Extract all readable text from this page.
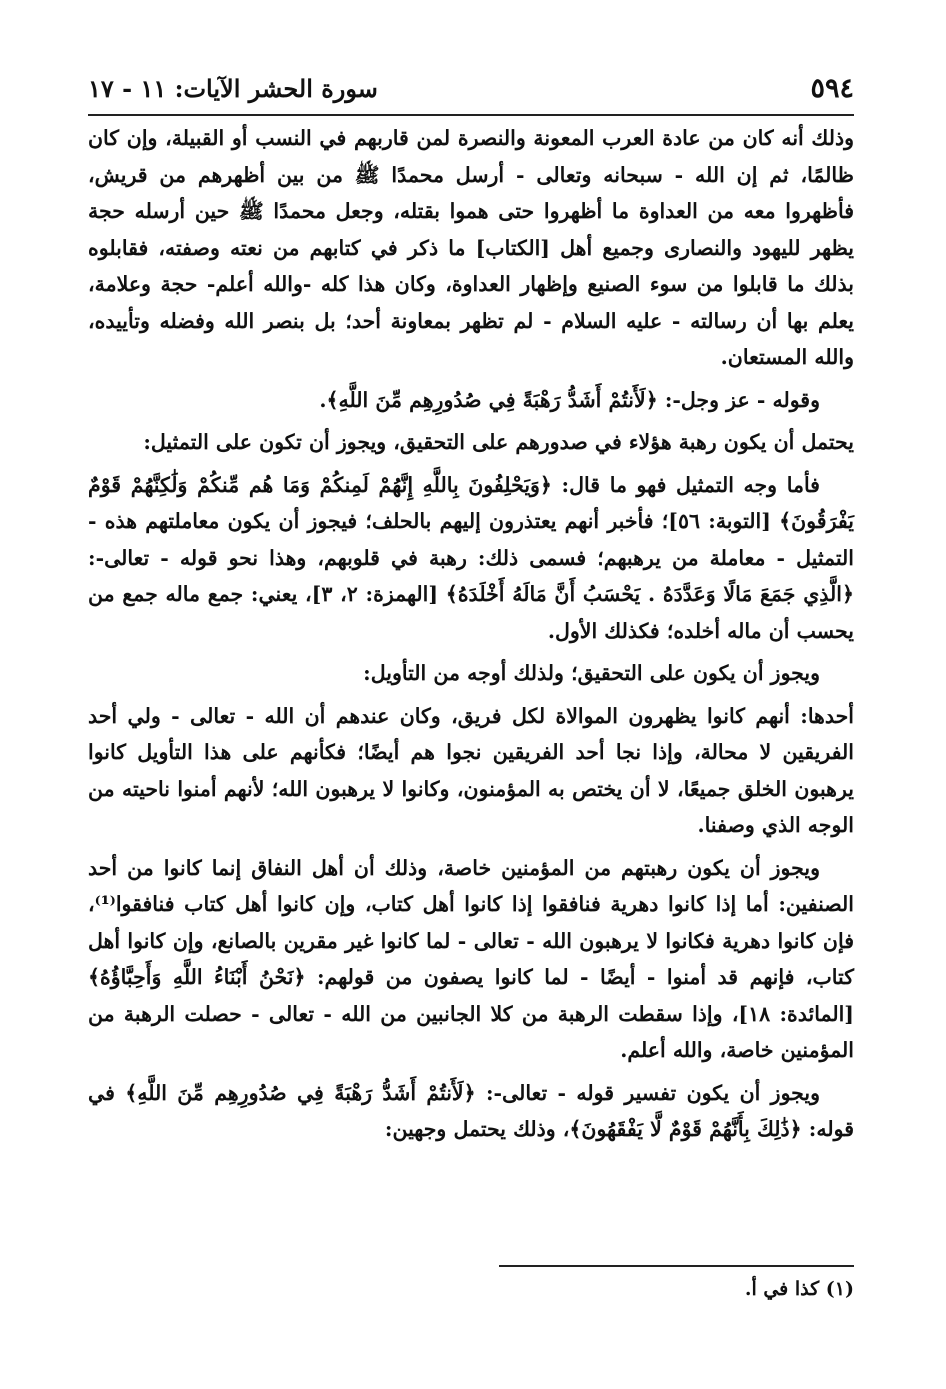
٥٩٤
سورة الحشر الآيات: ١١ - ١٧

وذلك أنه كان من عادة العرب المعونة والنصرة لمن قاربهم في النسب أو القبيلة، وإن كان ظالمًا، ثم إن الله - سبحانه وتعالى - أرسل محمدًا ﷺ من بين أظهرهم من قريش، فأظهروا معه من العداوة ما أظهروا حتى هموا بقتله، وجعل محمدًا ﷺ حين أرسله حجة يظهر لليهود والنصارى وجميع أهل [الكتاب] ما ذكر في كتابهم من نعته وصفته، فقابلوه بذلك ما قابلوا من سوء الصنيع وإظهار العداوة، وكان هذا كله -والله أعلم- حجة وعلامة، يعلم بها أن رسالته - عليه السلام - لم تظهر بمعاونة أحد؛ بل بنصر الله وفضله وتأييده، والله المستعان.

وقوله - عز وجل-: ﴿لَأَنتُمْ أَشَدُّ رَهْبَةً فِي صُدُورِهِم مِّنَ اللَّهِ﴾.

يحتمل أن يكون رهبة هؤلاء في صدورهم على التحقيق، ويجوز أن تكون على التمثيل:

فأما وجه التمثيل فهو ما قال: ﴿وَيَحْلِفُونَ بِاللَّهِ إِنَّهُمْ لَمِنكُمْ وَمَا هُم مِّنكُمْ وَلَٰكِنَّهُمْ قَوْمٌ يَفْرَقُونَ﴾ [التوبة: ٥٦]؛ فأخبر أنهم يعتذرون إليهم بالحلف؛ فيجوز أن يكون معاملتهم هذه - التمثيل - معاملة من يرهبهم؛ فسمى ذلك: رهبة في قلوبهم، وهذا نحو قوله - تعالى-: ﴿الَّذِي جَمَعَ مَالًا وَعَدَّدَهُ . يَحْسَبُ أَنَّ مَالَهُ أَخْلَدَهُ﴾ [الهمزة: ٢، ٣]، يعني: جمع ماله جمع من يحسب أن ماله أخلده؛ فكذلك الأول.

ويجوز أن يكون على التحقيق؛ ولذلك أوجه من التأويل:

أحدها: أنهم كانوا يظهرون الموالاة لكل فريق، وكان عندهم أن الله - تعالى - ولي أحد الفريقين لا محالة، وإذا نجا أحد الفريقين نجوا هم أيضًا؛ فكأنهم على هذا التأويل كانوا يرهبون الخلق جميعًا، لا أن يختص به المؤمنون، وكانوا لا يرهبون الله؛ لأنهم أمنوا ناحيته من الوجه الذي وصفنا.

ويجوز أن يكون رهبتهم من المؤمنين خاصة، وذلك أن أهل النفاق إنما كانوا من أحد الصنفين: أما إذا كانوا دهرية فنافقوا إذا كانوا أهل كتاب، وإن كانوا أهل كتاب فنافقوا⁽¹⁾، فإن كانوا دهرية فكانوا لا يرهبون الله - تعالى - لما كانوا غير مقرين بالصانع، وإن كانوا أهل كتاب، فإنهم قد أمنوا - أيضًا - لما كانوا يصفون من قولهم: ﴿نَحْنُ أَبْنَاءُ اللَّهِ وَأَحِبَّاؤُهُ﴾ [المائدة: ١٨]، وإذا سقطت الرهبة من كلا الجانبين من الله - تعالى - حصلت الرهبة من المؤمنين خاصة، والله أعلم.

ويجوز أن يكون تفسير قوله - تعالى-: ﴿لَأَنتُمْ أَشَدُّ رَهْبَةً فِي صُدُورِهِم مِّنَ اللَّهِ﴾ في قوله: ﴿ذَٰلِكَ بِأَنَّهُمْ قَوْمٌ لَّا يَفْقَهُونَ﴾، وذلك يحتمل وجهين:

(١) كذا في أ.
